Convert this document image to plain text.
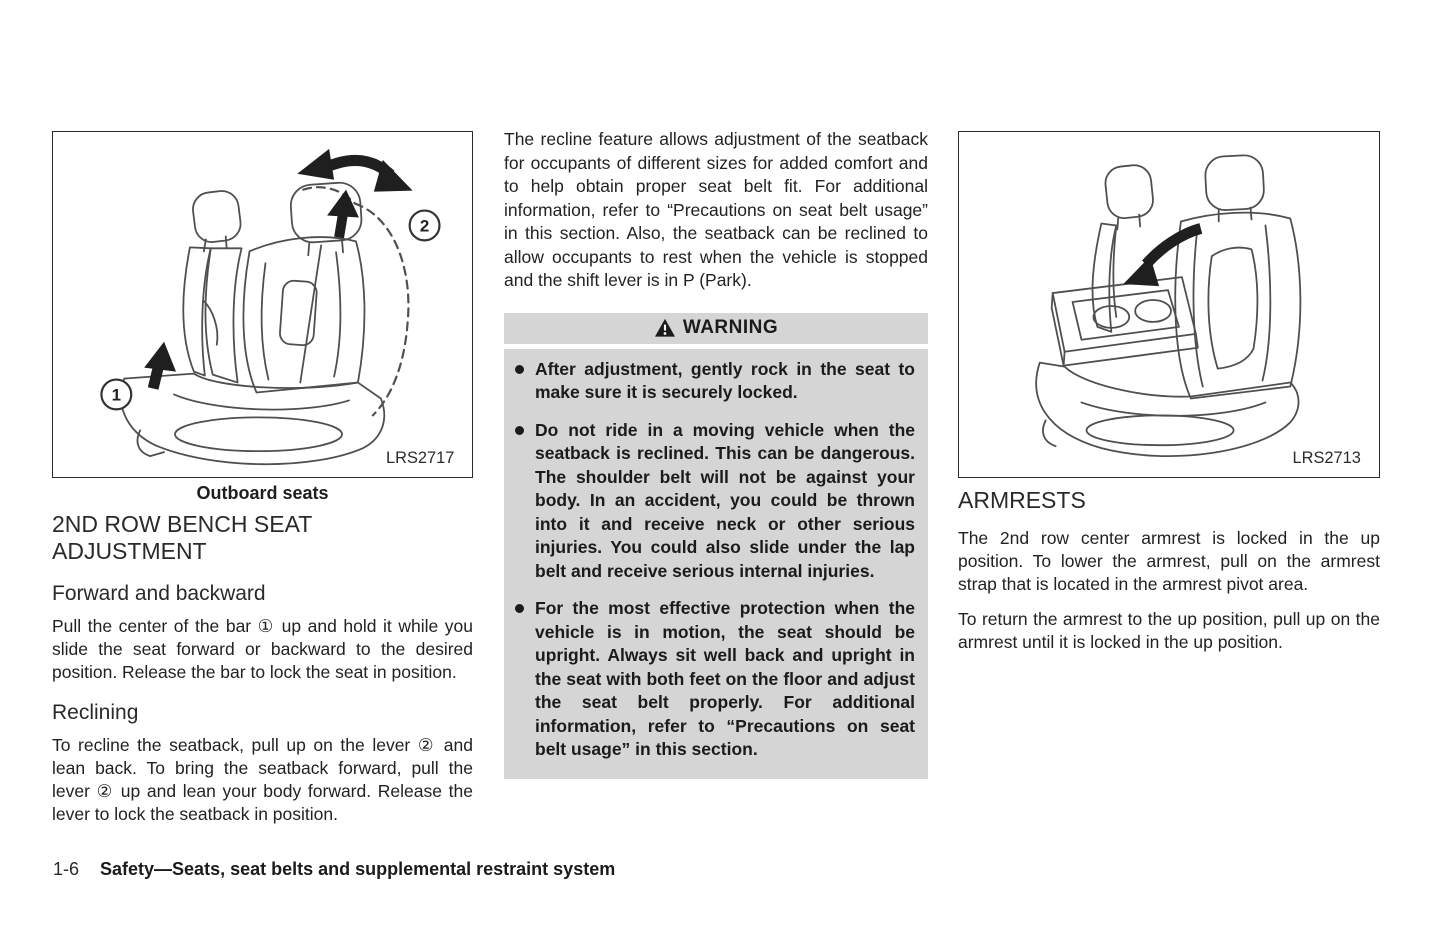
1
2
LRS2717
Outboard seats
2ND ROW BENCH SEAT ADJUSTMENT
Forward and backward
Pull the center of the bar ① up and hold it while you slide the seat forward or backward to the desired position. Release the bar to lock the seat in position.
Reclining
To recline the seatback, pull up on the lever ② and lean back. To bring the seatback forward, pull the lever ② up and lean your body forward. Release the lever to lock the seatback in position.
The recline feature allows adjustment of the seatback for occupants of different sizes for added comfort and to help obtain proper seat belt fit. For additional information, refer to “Precautions on seat belt usage” in this section. Also, the seatback can be reclined to allow occupants to rest when the vehicle is stopped and the shift lever is in P (Park).
WARNING
After adjustment, gently rock in the seat to make sure it is securely locked.
Do not ride in a moving vehicle when the seatback is reclined. This can be dangerous. The shoulder belt will not be against your body. In an accident, you could be thrown into it and receive neck or other serious injuries. You could also slide under the lap belt and receive serious internal injuries.
For the most effective protection when the vehicle is in motion, the seat should be upright. Always sit well back and upright in the seat with both feet on the floor and adjust the seat belt properly. For additional information, refer to “Precautions on seat belt usage” in this section.
LRS2713
ARMRESTS
The 2nd row center armrest is locked in the up position. To lower the armrest, pull on the armrest strap that is located in the armrest pivot area.
To return the armrest to the up position, pull up on the armrest until it is locked in the up position.
1-6 Safety—Seats, seat belts and supplemental restraint system
